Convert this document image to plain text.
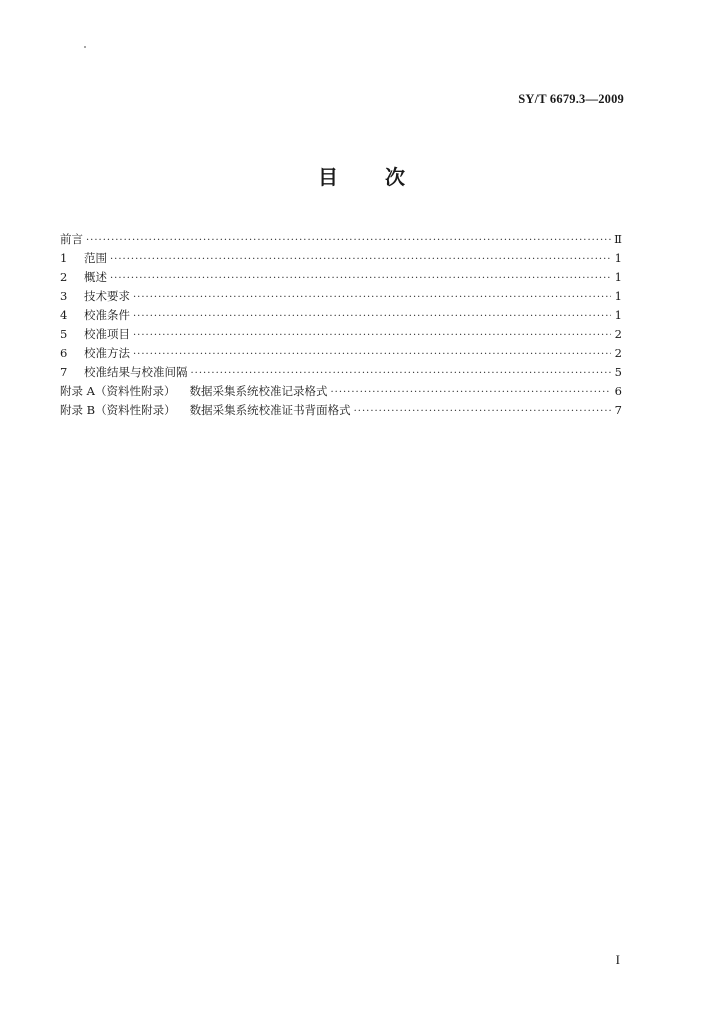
SY/T 6679.3—2009
目 次
前言 ·····	Ⅱ
1	范围 ·····	1
2	概述 ·····	1
3	技术要求 ·····	1
4	校准条件 ·····	1
5	校准项目 ·····	2
6	校准方法 ·····	2
7	校准结果与校准间隔 ·····	5
附录 A（资料性附录） 数据采集系统校准记录格式 ·····	6
附录 B（资料性附录） 数据采集系统校准证书背面格式 ·····	7
I
